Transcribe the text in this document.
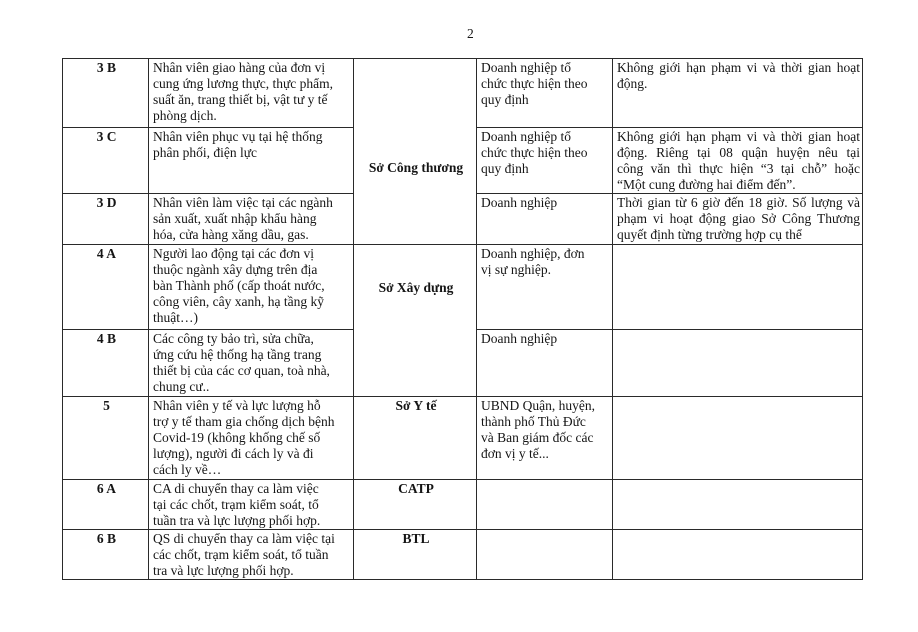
2
3 B	Nhân viên giao hàng của đơn vị
cung ứng lương thực, thực phẩm,
suất ăn, trang thiết bị, vật tư y tế
phòng dịch.	Sở Công thương	Doanh nghiệp tổ
chức thực hiện theo
quy định	Không giới hạn phạm vi và thời gian hoạt
động.

3 C	Nhân viên phục vụ tại hệ thống
phân phối, điện lực		Doanh nghiệp tổ
chức thực hiện theo
quy định	Không giới hạn phạm vi và thời gian hoạt
động. Riêng tại 08 quận huyện nêu tại
công văn thì thực hiện “3 tại chỗ” hoặc
“Một cung đường hai điểm đến”.

3 D	Nhân viên làm việc tại các ngành
sản xuất, xuất nhập khẩu hàng
hóa, cửa hàng xăng dầu, gas.		Doanh nghiệp	Thời gian từ 6 giờ đến 18 giờ. Số lượng và
phạm vi hoạt động giao Sở Công Thương
quyết định từng trường hợp cụ thể

4 A	Người lao động tại các đơn vị
thuộc ngành xây dựng trên địa
bàn Thành phố (cấp thoát nước,
công viên, cây xanh, hạ tầng kỹ
thuật…)	Sở Xây dựng	Doanh nghiệp, đơn
vị sự nghiệp.	

4 B	Các công ty bảo trì, sửa chữa,
ứng cứu hệ thống hạ tầng trang
thiết bị của các cơ quan, toà nhà,
chung cư..		Doanh nghiệp	

5	Nhân viên y tế và lực lượng hỗ
trợ y tế tham gia chống dịch bệnh
Covid-19 (không khống chế số
lượng), người đi cách ly và đi
cách ly về…	Sở Y tế	UBND Quận, huyện,
thành phố Thủ Đức
và Ban giám đốc các
đơn vị y tế...	

6 A	CA di chuyển thay ca làm việc
tại các chốt, trạm kiểm soát, tổ
tuần tra và lực lượng phối hợp.	CATP		

6 B	QS di chuyển thay ca làm việc tại
các chốt, trạm kiểm soát, tổ tuần
tra và lực lượng phối hợp.	BTL		
